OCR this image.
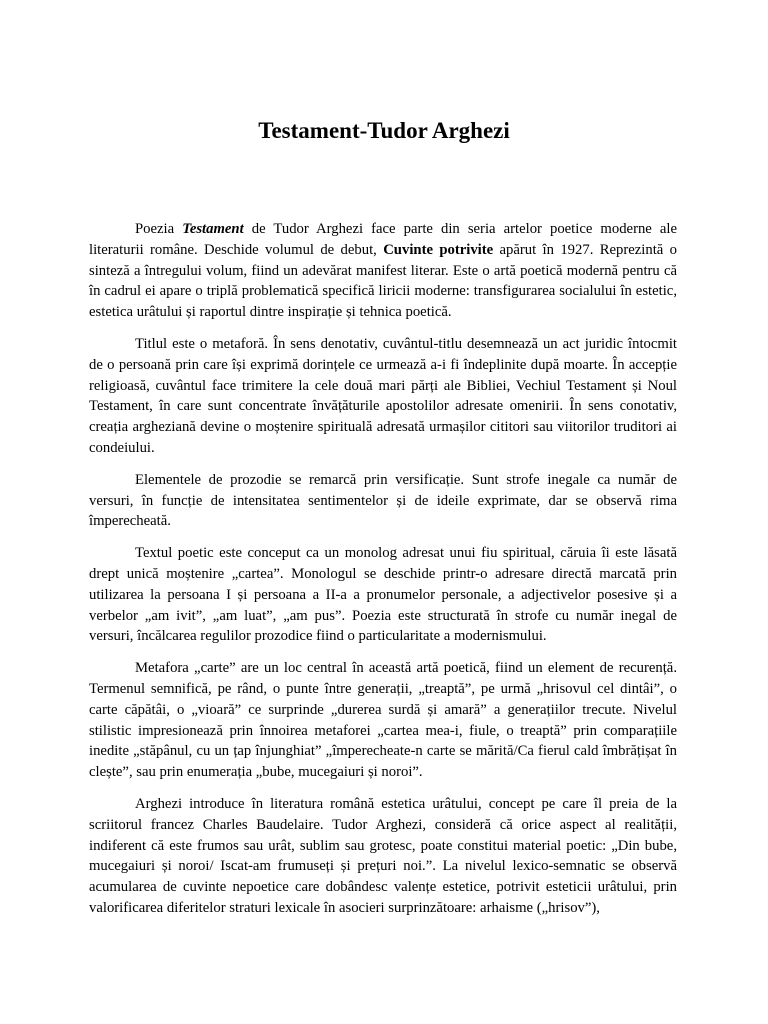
Testament-Tudor Arghezi

Poezia Testament de Tudor Arghezi face parte din seria artelor poetice moderne ale literaturii române. Deschide volumul de debut, Cuvinte potrivite apărut în 1927. Reprezintă o sinteză a întregului volum, fiind un adevărat manifest literar. Este o artă poetică modernă pentru că în cadrul ei apare o triplă problematică specifică liricii moderne: transfigurarea socialului în estetic, estetica urâtului și raportul dintre inspirație și tehnica poetică.

Titlul este o metaforă. În sens denotativ, cuvântul-titlu desemnează un act juridic întocmit de o persoană prin care își exprimă dorințele ce urmează a-i fi îndeplinite după moarte. În accepție religioasă, cuvântul face trimitere la cele două mari părți ale Bibliei, Vechiul Testament și Noul Testament, în care sunt concentrate învățăturile apostolilor adresate omenirii. În sens conotativ, creația argheziană devine o moștenire spirituală adresată urmașilor cititori sau viitorilor truditori ai condeiului.

Elementele de prozodie se remarcă prin versificație. Sunt strofe inegale ca număr de versuri, în funcție de intensitatea sentimentelor și de ideile exprimate, dar se observă rima împerecheată.

Textul poetic este conceput ca un monolog adresat unui fiu spiritual, căruia îi este lăsată drept unică moștenire „cartea”. Monologul se deschide printr-o adresare directă marcată prin utilizarea la persoana I și persoana a II-a a pronumelor personale, a adjectivelor posesive și a verbelor „am ivit”, „am luat”, „am pus”. Poezia este structurată în strofe cu număr inegal de versuri, încălcarea regulilor prozodice fiind o particularitate a modernismului.

Metafora „carte” are un loc central în această artă poetică, fiind un element de recurență. Termenul semnifică, pe rând, o punte între generații, „treaptă”, pe urmă „hrisovul cel dintâi”, o carte căpătâi, o „vioară” ce surprinde „durerea surdă și amară” a generațiilor trecute. Nivelul stilistic impresionează prin înnoirea metaforei „cartea mea-i, fiule, o treaptă” prin comparațiile inedite „stăpânul, cu un țap înjunghiat” „împerecheate-n carte se mărită/Ca fierul cald îmbrățișat în clește”, sau prin enumerația „bube, mucegaiuri și noroi”.

Arghezi introduce în literatura română estetica urâtului, concept pe care îl preia de la scriitorul francez Charles Baudelaire. Tudor Arghezi, consideră că orice aspect al realității, indiferent că este frumos sau urât, sublim sau grotesc, poate constitui material poetic: „Din bube, mucegaiuri și noroi/ Iscat-am frumuseți și prețuri noi.”. La nivelul lexico-semnatic se observă acumularea de cuvinte nepoetice care dobândesc valențe estetice, potrivit esteticii urâtului, prin valorificarea diferitelor straturi lexicale în asocieri surprinzătoare: arhaisme („hrisov”),
